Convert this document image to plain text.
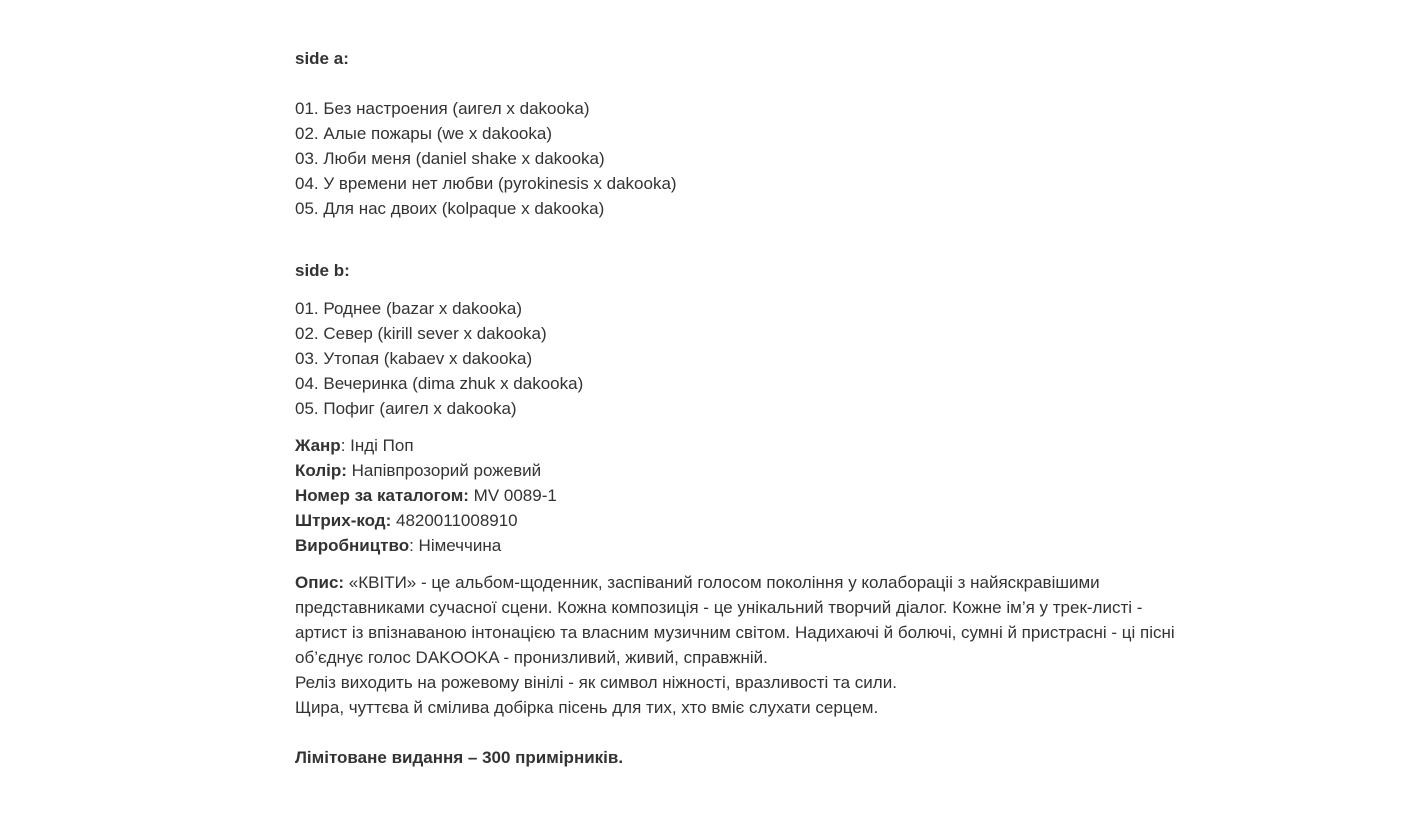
side a:

01. Без настроения (аигел x dakooka)

02. Алые пожары (we x dakooka)

03. Люби меня (daniel shake x dakooka)

04. У времени нет любви (pyrokinesis x dakooka)

05. Для нас двоих (kolpaque x dakooka)

side b:

01. Роднее (bazar x dakooka)

02. Север (kirill sever x dakooka)

03. Утопая (kabaev x dakooka)

04. Вечеринка (dima zhuk x dakooka)

05. Пофиг (аигел x dakooka)

Жанр: Інді Поп

Колір: Напівпрозорий рожевий

Номер за каталогом: MV 0089-1

Штрих-код: 4820011008910

Виробництво: Німеччина

Опис: «КВІТИ» - це альбом-щоденник, заспіваний голосом покоління у колабораціі з найяскравішими представниками сучасної сцени. Кожна композиція - це унікальний творчий діалог. Кожне ім’я у трек-листі - артист із впізнаваною інтонацією та власним музичним світом. Надихаючі й болючі, сумні й пристрасні - ці пісні об’єднує голос DAKOOKA - пронизливий, живий, справжній.

Реліз виходить на рожевому вінілі - як символ ніжності, вразливості та сили.

Щира, чуттєва й смілива добірка пісень для тих, хто вміє слухати серцем.

Лімітоване видання – 300 примірників.
